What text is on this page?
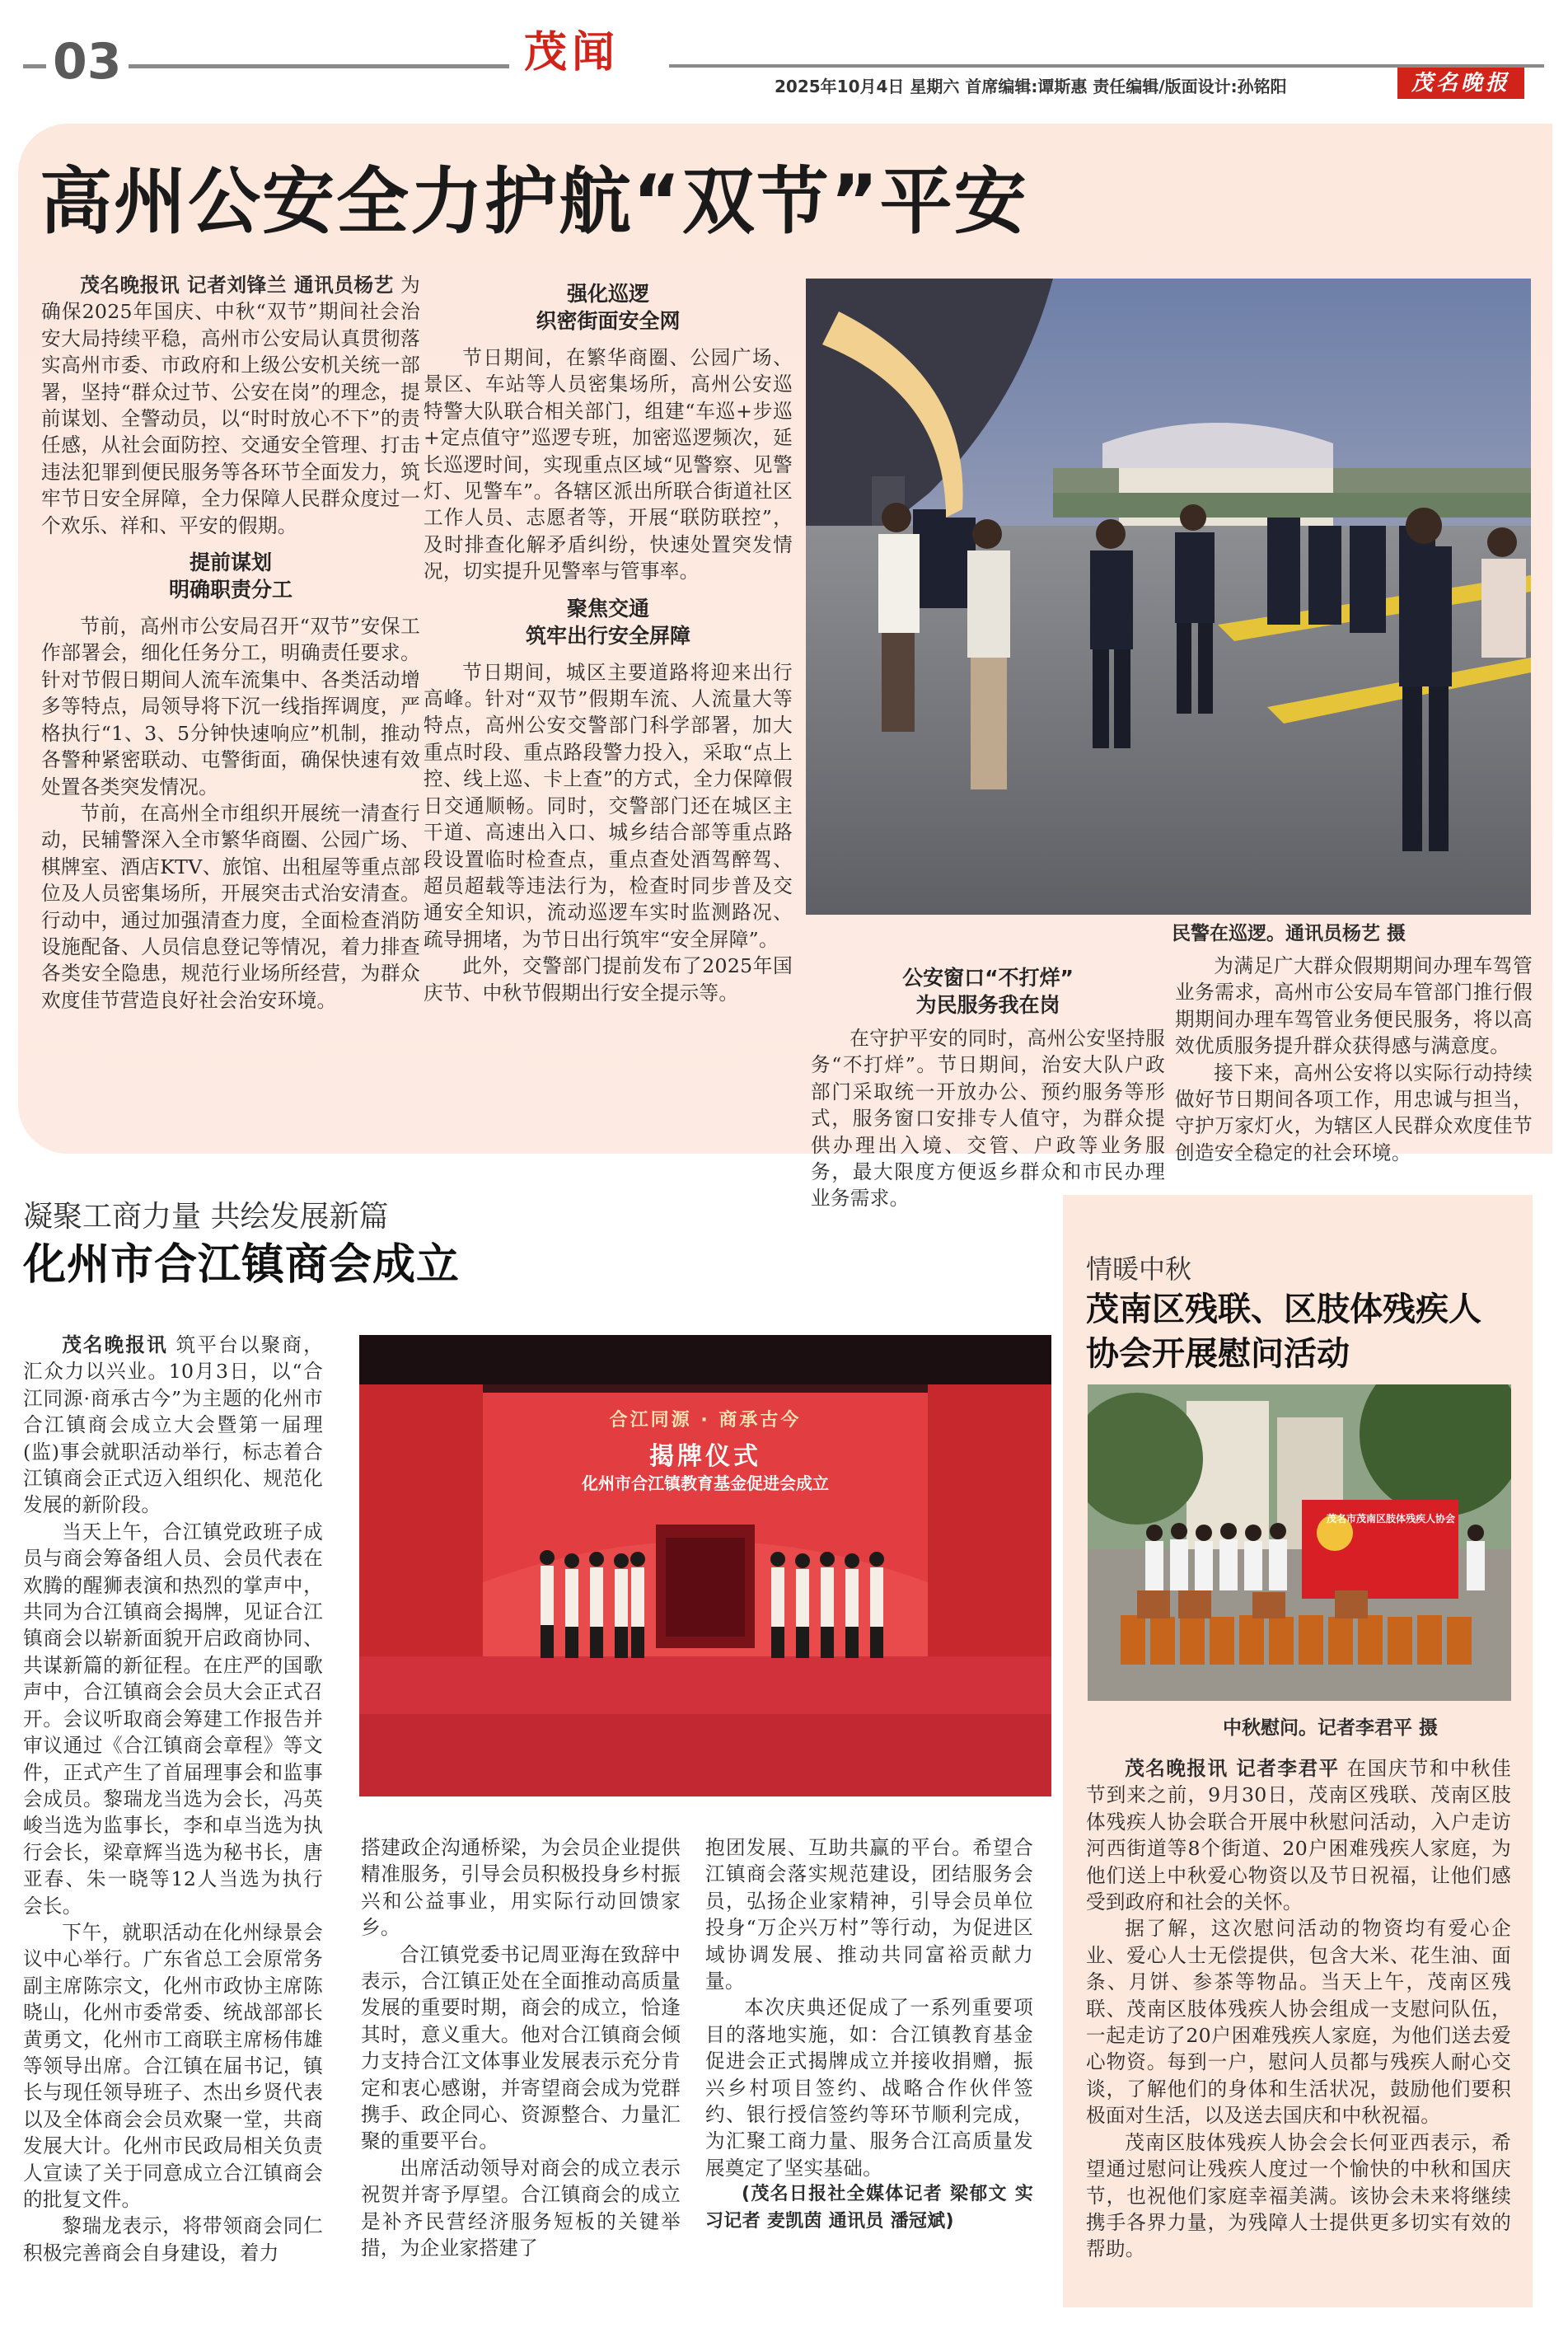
03	茂闻
2025年10月4日 星期六 首席编辑:谭斯惠 责任编辑/版面设计:孙铭阳	茂名晚报
高州公安全力护航“双节”平安

茂名晚报讯 记者刘锋兰 通讯员杨艺 为确保2025年国庆、中秋“双节”期间社会治安大局持续平稳，高州市公安局认真贯彻落实高州市委、市政府和上级公安机关统一部署，坚持“群众过节、公安在岗”的理念，提前谋划、全警动员，以“时时放心不下”的责任感，从社会面防控、交通安全管理、打击违法犯罪到便民服务等各环节全面发力，筑牢节日安全屏障，全力保障人民群众度过一个欢乐、祥和、平安的假期。

提前谋划
明确职责分工

节前，高州市公安局召开“双节”安保工作部署会，细化任务分工，明确责任要求。针对节假日期间人流车流集中、各类活动增多等特点，局领导将下沉一线指挥调度，严格执行“1、3、5分钟快速响应”机制，推动各警种紧密联动、屯警街面，确保快速有效处置各类突发情况。

节前，在高州全市组织开展统一清查行动，民辅警深入全市繁华商圈、公园广场、棋牌室、酒店KTV、旅馆、出租屋等重点部位及人员密集场所，开展突击式治安清查。行动中，通过加强清查力度，全面检查消防设施配备、人员信息登记等情况，着力排查各类安全隐患，规范行业场所经营，为群众欢度佳节营造良好社会治安环境。

强化巡逻
织密街面安全网

节日期间，在繁华商圈、公园广场、景区、车站等人员密集场所，高州公安巡特警大队联合相关部门，组建“车巡+步巡+定点值守”巡逻专班，加密巡逻频次，延长巡逻时间，实现重点区域“见警察、见警灯、见警车”。各辖区派出所联合街道社区工作人员、志愿者等，开展“联防联控”，及时排查化解矛盾纠纷，快速处置突发情况，切实提升见警率与管事率。

聚焦交通
筑牢出行安全屏障

节日期间，城区主要道路将迎来出行高峰。针对“双节”假期车流、人流量大等特点，高州公安交警部门科学部署，加大重点时段、重点路段警力投入，采取“点上控、线上巡、卡上查”的方式，全力保障假日交通顺畅。同时，交警部门还在城区主干道、高速出入口、城乡结合部等重点路段设置临时检查点，重点查处酒驾醉驾、超员超载等违法行为，检查时同步普及交通安全知识，流动巡逻车实时监测路况、疏导拥堵，为节日出行筑牢“安全屏障”。

此外，交警部门提前发布了2025年国庆节、中秋节假期出行安全提示等。

民警在巡逻。通讯员杨艺 摄
公安窗口“不打烊”
为民服务我在岗

在守护平安的同时，高州公安坚持服务“不打烊”。节日期间，治安大队户政部门采取统一开放办公、预约服务等形式，服务窗口安排专人值守，为群众提供办理出入境、交管、户政等业务服务，最大限度方便返乡群众和市民办理业务需求。

为满足广大群众假期期间办理车驾管业务需求，高州市公安局车管部门推行假期期间办理车驾管业务便民服务，将以高效优质服务提升群众获得感与满意度。

接下来，高州公安将以实际行动持续做好节日期间各项工作，用忠诚与担当，守护万家灯火，为辖区人民群众欢度佳节创造安全稳定的社会环境。

凝聚工商力量 共绘发展新篇
化州市合江镇商会成立

茂名晚报讯 筑平台以聚商，汇众力以兴业。10月3日，以“合江同源·商承古今”为主题的化州市合江镇商会成立大会暨第一届理(监)事会就职活动举行，标志着合江镇商会正式迈入组织化、规范化发展的新阶段。

当天上午，合江镇党政班子成员与商会筹备组人员、会员代表在欢腾的醒狮表演和热烈的掌声中，共同为合江镇商会揭牌，见证合江镇商会以崭新面貌开启政商协同、共谋新篇的新征程。在庄严的国歌声中，合江镇商会会员大会正式召开。会议听取商会筹建工作报告并审议通过《合江镇商会章程》等文件，正式产生了首届理事会和监事会成员。黎瑞龙当选为会长，冯英峻当选为监事长，李和卓当选为执行会长，梁章辉当选为秘书长，唐亚春、朱一晓等12人当选为执行会长。

下午，就职活动在化州绿景会议中心举行。广东省总工会原常务副主席陈宗文，化州市政协主席陈晓山，化州市委常委、统战部部长黄勇文，化州市工商联主席杨伟雄等领导出席。合江镇在届书记，镇长与现任领导班子、杰出乡贤代表以及全体商会会员欢聚一堂，共商发展大计。化州市民政局相关负责人宣读了关于同意成立合江镇商会的批复文件。

黎瑞龙表示，将带领商会同仁积极完善商会自身建设，着力

合江同源 · 商承古今
揭牌仪式
化州市合江镇教育基金促进会成立

搭建政企沟通桥梁，为会员企业提供精准服务，引导会员积极投身乡村振兴和公益事业，用实际行动回馈家乡。

合江镇党委书记周亚海在致辞中表示，合江镇正处在全面推动高质量发展的重要时期，商会的成立，恰逢其时，意义重大。他对合江镇商会倾力支持合江文体事业发展表示充分肯定和衷心感谢，并寄望商会成为党群携手、政企同心、资源整合、力量汇聚的重要平台。

出席活动领导对商会的成立表示祝贺并寄予厚望。合江镇商会的成立是补齐民营经济服务短板的关键举措，为企业家搭建了

抱团发展、互助共赢的平台。希望合江镇商会落实规范建设，团结服务会员，弘扬企业家精神，引导会员单位投身“万企兴万村”等行动，为促进区域协调发展、推动共同富裕贡献力量。

本次庆典还促成了一系列重要项目的落地实施，如：合江镇教育基金促进会正式揭牌成立并接收捐赠，振兴乡村项目签约、战略合作伙伴签约、银行授信签约等环节顺利完成，为汇聚工商力量、服务合江高质量发展奠定了坚实基础。

(茂名日报社全媒体记者 梁郁文 实习记者 麦凯茵 通讯员 潘冠斌)

情暖中秋
茂南区残联、区肢体残疾人
协会开展慰问活动
茂名市茂南区肢体残疾人协会
中秋慰问。记者李君平 摄

茂名晚报讯 记者李君平 在国庆节和中秋佳节到来之前，9月30日，茂南区残联、茂南区肢体残疾人协会联合开展中秋慰问活动，入户走访河西街道等8个街道、20户困难残疾人家庭，为他们送上中秋爱心物资以及节日祝福，让他们感受到政府和社会的关怀。

据了解，这次慰问活动的物资均有爱心企业、爱心人士无偿提供，包含大米、花生油、面条、月饼、参茶等物品。当天上午，茂南区残联、茂南区肢体残疾人协会组成一支慰问队伍，一起走访了20户困难残疾人家庭，为他们送去爱心物资。每到一户，慰问人员都与残疾人耐心交谈，了解他们的身体和生活状况，鼓励他们要积极面对生活，以及送去国庆和中秋祝福。

茂南区肢体残疾人协会会长何亚西表示，希望通过慰问让残疾人度过一个愉快的中秋和国庆节，也祝他们家庭幸福美满。该协会未来将继续携手各界力量，为残障人士提供更多切实有效的帮助。
